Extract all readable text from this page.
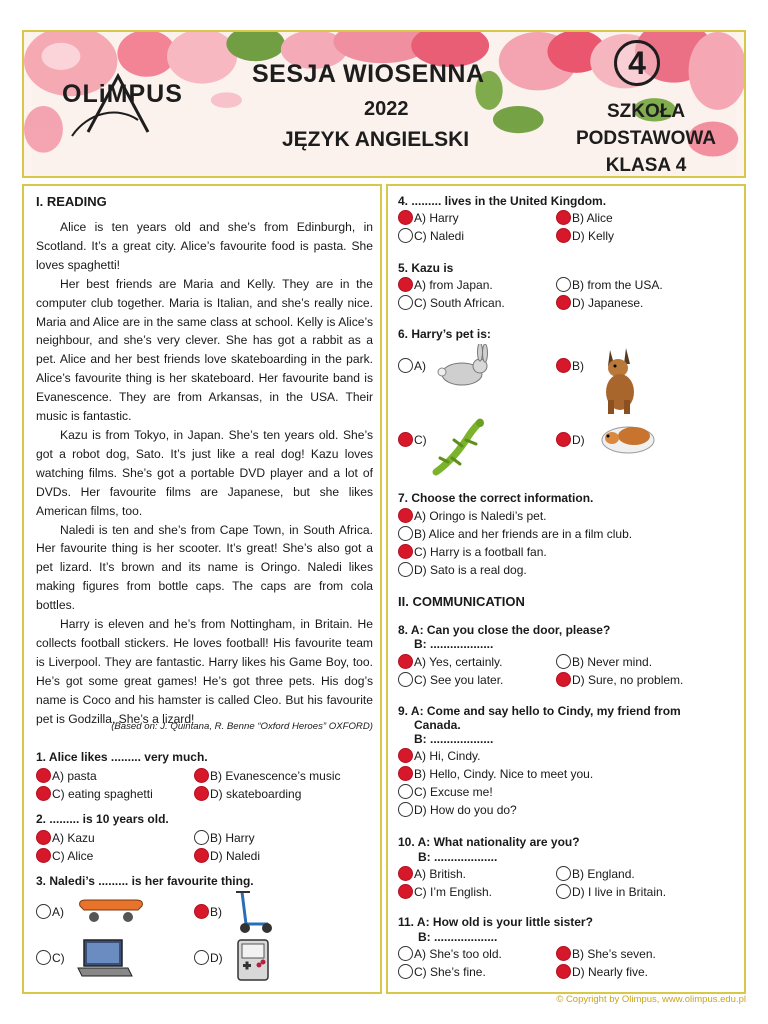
OLiMPUS
SESJA WIOSENNA
2022
JĘZYK ANGIELSKI
4
SZKOŁA
PODSTAWOWA
KLASA 4
I. READING

Alice is ten years old and she’s from Edinburgh, in Scotland. It’s a great city. Alice’s favourite food is pasta. She loves spaghetti!

Her best friends are Maria and Kelly. They are in the computer club together. Maria is Italian, and she’s really nice. Maria and Alice are in the same class at school. Kelly is Alice’s neighbour, and she’s very clever. She has got a rabbit as a pet. Alice and her best friends love skateboarding in the park. Alice’s favourite thing is her skateboard. Her favourite band is Evanescence. They are from Arkansas, in the USA. Their music is fantastic.

Kazu is from Tokyo, in Japan. She’s ten years old. She’s got a robot dog, Sato. It’s just like a real dog! Kazu loves watching films. She’s got a portable DVD player and a lot of DVDs. Her favourite films are Japanese, but she likes American films, too.

Naledi is ten and she’s from Cape Town, in South Africa. Her favourite thing is her scooter. It’s great! She’s also got a pet lizard. It’s brown and its name is Oringo. Naledi likes making figures from bottle caps. The caps are from cola bottles.

Harry is eleven and he’s from Nottingham, in Britain. He collects football stickers. He loves football! His favourite team is Liverpool. They are fantastic. Harry likes his Game Boy, too. He’s got some great games! He’s got three pets. His dog’s name is Coco and his hamster is called Cleo. But his favourite pet is Godzilla. She’s a lizard!

(Based on: J. Quintana, R. Benne “Oxford Heroes” OXFORD)
1. Alice likes ......... very much.
A) pasta	B) Evanescence’s music
C) eating spaghetti	D) skateboarding
2. ......... is 10 years old.
A) Kazu	B) Harry
C) Alice	D) Naledi
3. Naledi’s ......... is her favourite thing.
A)	B)
C)	D)
4. ......... lives in the United Kingdom.
A) Harry	B) Alice
C) Naledi	D) Kelly
5. Kazu is
A) from Japan.	B) from the USA.
C) South African.	D) Japanese.
6. Harry’s pet is:
A)	B)
C)	D)
7. Choose the correct information.
A) Oringo is Naledi’s pet.
B) Alice and her friends are in a film club.
C) Harry is a football fan.
D) Sato is a real dog.
II. COMMUNICATION
8. A: Can you close the door, please?
B: ...................
A) Yes, certainly.	B) Never mind.
C) See you later.	D) Sure, no problem.
9. A: Come and say hello to Cindy, my friend from
Canada.
B: ...................
A) Hi, Cindy.
B) Hello, Cindy. Nice to meet you.
C) Excuse me!
D) How do you do?
10. A: What nationality are you?
B: ...................
A) British.	B) England.
C) I’m English.	D) I live in Britain.
11. A: How old is your little sister?
B: ...................
A) She’s too old.	B) She’s seven.
C) She’s fine.	D) Nearly five.
© Copyright by Olimpus, www.olimpus.edu.pl
